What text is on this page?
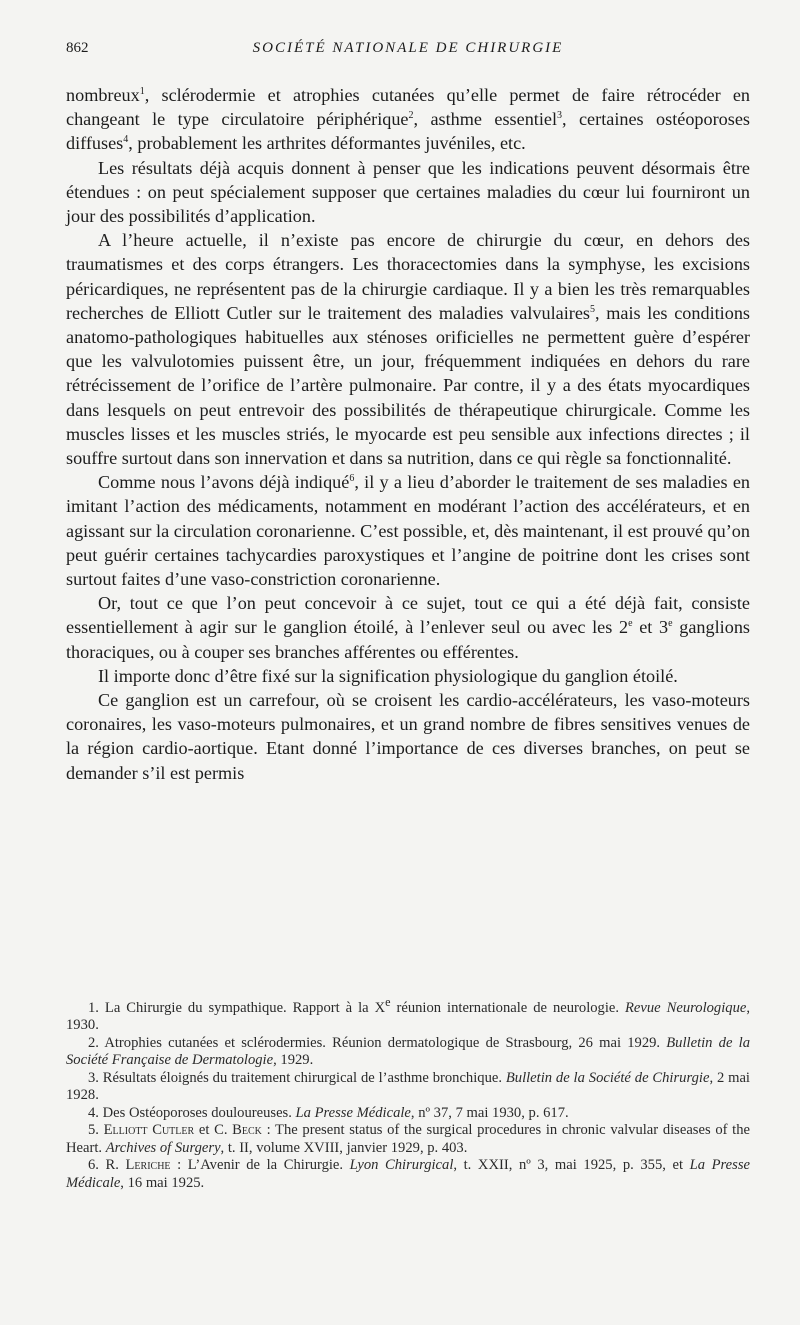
862	SOCIÉTÉ NATIONALE DE CHIRURGIE

nombreux$^1$, sclérodermie et atrophies cutanées qu’elle permet de faire rétrocéder en changeant le type circulatoire périphérique$^2$, asthme essentiel$^3$, certaines ostéoporoses diffuses$^4$, probablement les arthrites déformantes juvéniles, etc.

Les résultats déjà acquis donnent à penser que les indications peuvent désormais être étendues : on peut spécialement supposer que certaines maladies du cœur lui fourniront un jour des possibilités d’application.

A l’heure actuelle, il n’existe pas encore de chirurgie du cœur, en dehors des traumatismes et des corps étrangers. Les thoracectomies dans la symphyse, les excisions péricardiques, ne représentent pas de la chirurgie cardiaque. Il y a bien les très remarquables recherches de Elliott Cutler sur le traitement des maladies valvulaires$^5$, mais les conditions anatomo-pathologiques habituelles aux sténoses orificielles ne permettent guère d’espérer que les valvulotomies puissent être, un jour, fréquemment indiquées en dehors du rare rétrécissement de l’orifice de l’artère pulmonaire. Par contre, il y a des états myocardiques dans lesquels on peut entrevoir des possibilités de thérapeutique chirurgicale. Comme les muscles lisses et les muscles striés, le myocarde est peu sensible aux infections directes ; il souffre surtout dans son innervation et dans sa nutrition, dans ce qui règle sa fonctionnalité.

Comme nous l’avons déjà indiqué$^6$, il y a lieu d’aborder le traitement de ses maladies en imitant l’action des médicaments, notamment en modérant l’action des accélérateurs, et en agissant sur la circulation coronarienne. C’est possible, et, dès maintenant, il est prouvé qu’on peut guérir certaines tachycardies paroxystiques et l’angine de poitrine dont les crises sont surtout faites d’une vaso-constriction coronarienne.

Or, tout ce que l’on peut concevoir à ce sujet, tout ce qui a été déjà fait, consiste essentiellement à agir sur le ganglion étoilé, à l’enlever seul ou avec les 2e et 3e ganglions thoraciques, ou à couper ses branches afférentes ou efférentes.

Il importe donc d’être fixé sur la signification physiologique du ganglion étoilé.

Ce ganglion est un carrefour, où se croisent les cardio-accélérateurs, les vaso-moteurs coronaires, les vaso-moteurs pulmonaires, et un grand nombre de fibres sensitives venues de la région cardio-aortique. Etant donné l’importance de ces diverses branches, on peut se demander s’il est permis

1. La Chirurgie du sympathique. Rapport à la Xe réunion internationale de neurologie. Revue Neurologique, 1930.

2. Atrophies cutanées et sclérodermies. Réunion dermatologique de Strasbourg, 26 mai 1929. Bulletin de la Société Française de Dermatologie, 1929.

3. Résultats éloignés du traitement chirurgical de l’asthme bronchique. Bulletin de la Société de Chirurgie, 2 mai 1928.

4. Des Ostéoporoses douloureuses. La Presse Médicale, nº 37, 7 mai 1930, p. 617.

5. Elliott Cutler et C. Beck : The present status of the surgical procedures in chronic valvular diseases of the Heart. Archives of Surgery, t. II, volume XVIII, janvier 1929, p. 403.

6. R. Leriche : L’Avenir de la Chirurgie. Lyon Chirurgical, t. XXII, nº 3, mai 1925, p. 355, et La Presse Médicale, 16 mai 1925.
